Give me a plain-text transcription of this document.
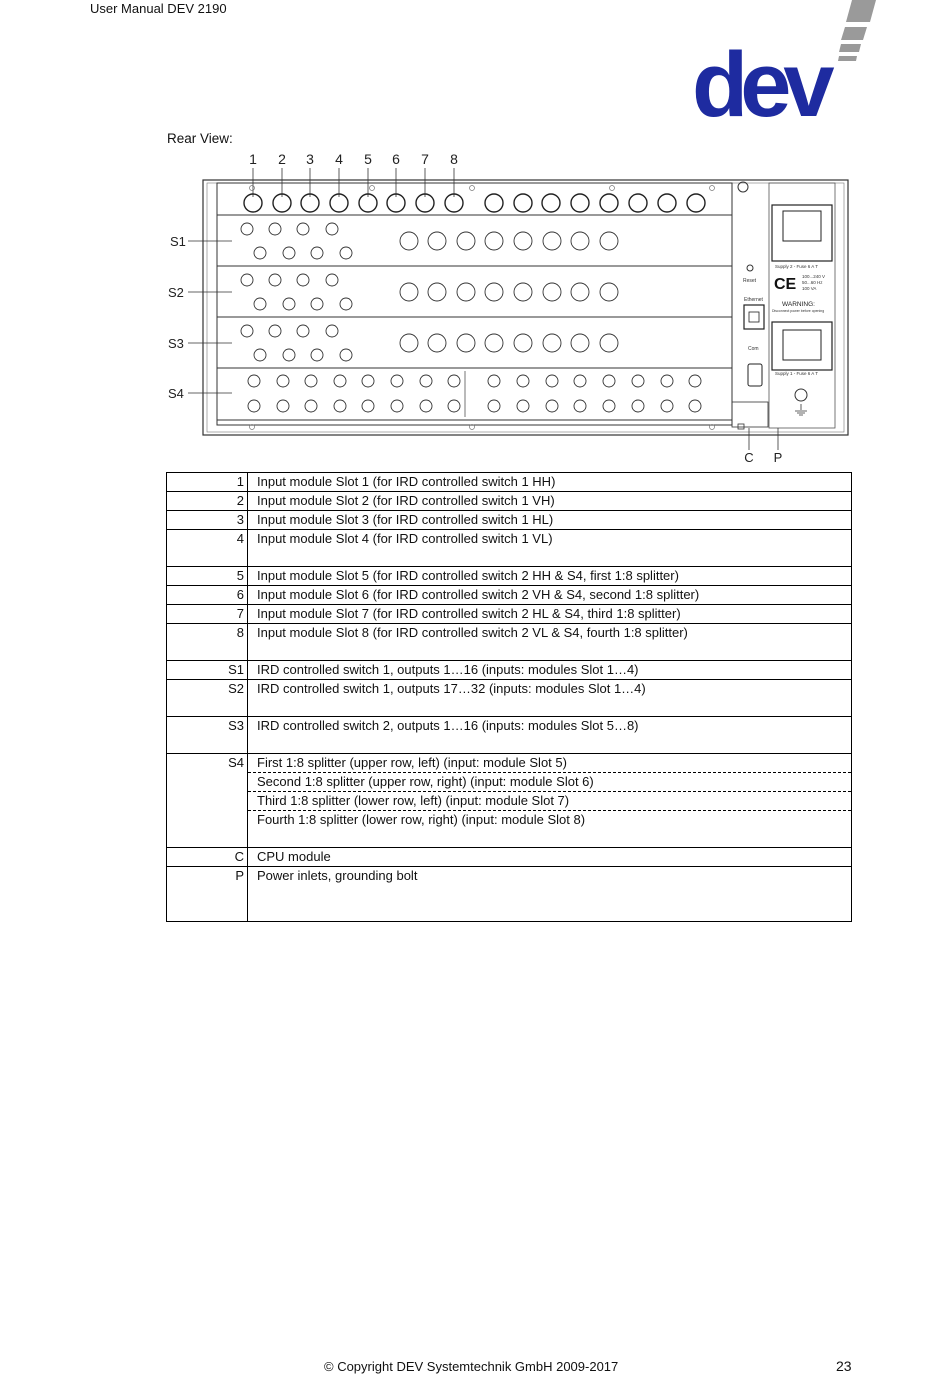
User Manual DEV 2190
dev
Rear View:
1 2 3 4 5 6 7 8
S1
S2
S3
S4
Reset
Ethernet
Com
Supply 2 - Fuse 6 A T
CE 100...240 V
50...60 Hz
100 VA
WARNING:
Disconnect power before opening
Supply 1 - Fuse 6 A T
C P
1	Input module Slot 1 (for IRD controlled switch 1 HH)
2	Input module Slot 2 (for IRD controlled switch 1 VH)
3	Input module Slot 3 (for IRD controlled switch 1 HL)
4	Input module Slot 4 (for IRD controlled switch 1 VL)
5	Input module Slot 5 (for IRD controlled switch 2 HH & S4, first 1:8 splitter)
6	Input module Slot 6 (for IRD controlled switch 2 VH & S4, second 1:8 splitter)
7	Input module Slot 7 (for IRD controlled switch 2 HL & S4, third 1:8 splitter)
8	Input module Slot 8 (for IRD controlled switch 2 VL & S4, fourth 1:8 splitter)
S1	IRD controlled switch 1, outputs 1…16 (inputs: modules Slot 1…4)
S2	IRD controlled switch 1, outputs 17…32 (inputs: modules Slot 1…4)
S3	IRD controlled switch 2, outputs 1…16 (inputs: modules Slot 5…8)
S4	First 1:8 splitter (upper row, left) (input: module Slot 5)
	Second 1:8 splitter (upper row, right) (input: module Slot 6)
	Third 1:8 splitter (lower row, left) (input: module Slot 7)
	Fourth 1:8 splitter (lower row, right) (input: module Slot 8)
C	CPU module
P	Power inlets, grounding bolt
© Copyright DEV Systemtechnik GmbH 2009-2017	23
